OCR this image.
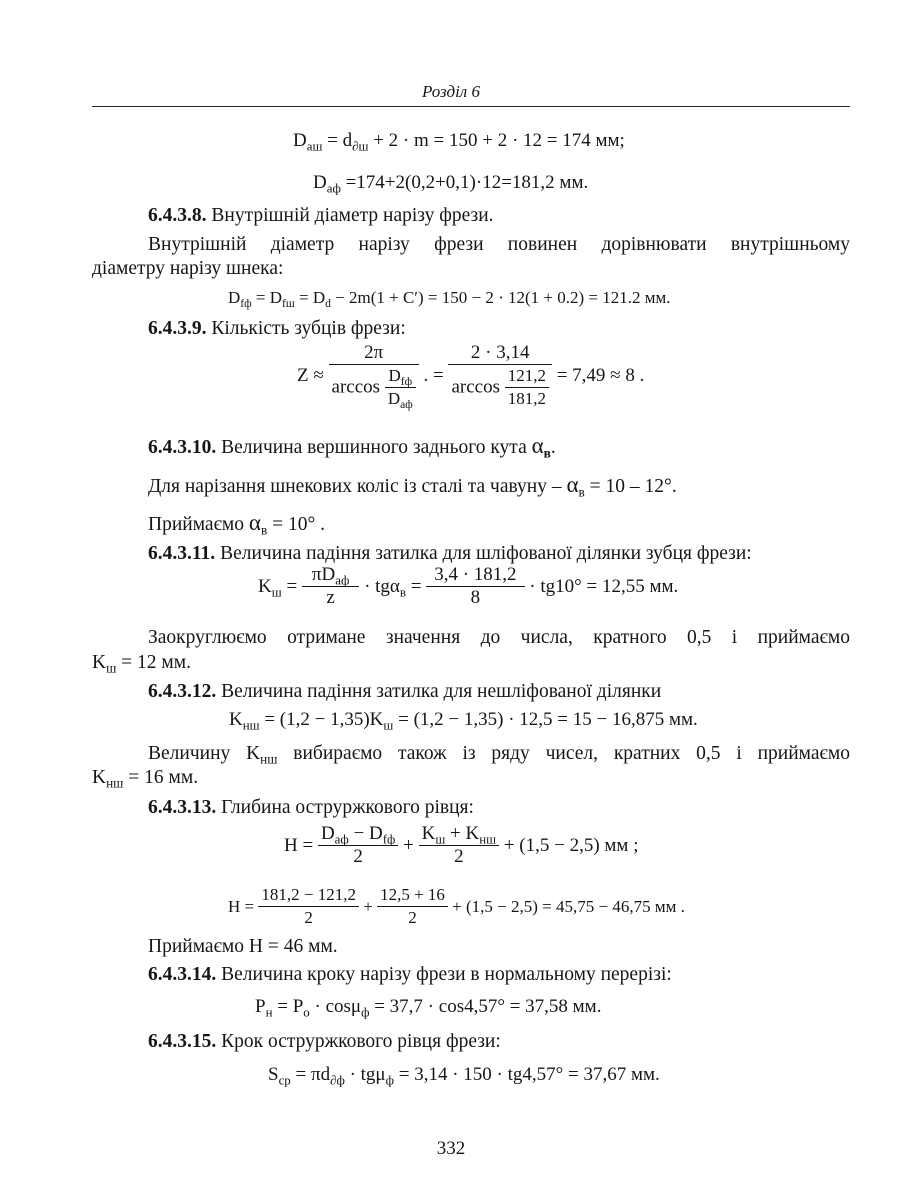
Розділ 6
$D_{аш} = d_{\partial ш} + 2 \cdot m = 150 + 2 \cdot 12 = 174$ мм;
$D_{аф} =174+2(0,2+0,1)\cdot 12=181,2$ мм.
6.4.3.8. Внутрішній діаметр нарізу фрези.
Внутрішній діаметр нарізу фрези повинен дорівнювати внутрішньому
діаметру нарізу шнека:
$D_{fф} = D_{fш} = D_d - 2m(1 + C') = 150 - 2 \cdot 12(1 + 0.2) = 121.2$ мм.
6.4.3.9. Кількість зубців фрези:
$Z \approx \frac{2\pi}{\arccos \frac{D_{fф}}{D_{аф}}}$ . = $\frac{2 \cdot 3,14}{\arccos \frac{121,2}{181,2}} = 7,49 \approx 8$ .
6.4.3.10. Величина вершинного заднього кута $\alpha_в$.
Для нарізання шнекових коліс із сталі та чавуну – $\alpha_в = 10 - 12^\circ$.
Приймаємо $\alpha_в = 10^\circ$ .
6.4.3.11. Величина падіння затилка для шліфованої ділянки зубця фрези:
$K_ш = \frac{\pi D_{аф}}{z} \cdot tg\alpha_в = \frac{3,4 \cdot 181,2}{8} \cdot tg10^\circ = 12,55$ мм.
Заокруглюємо отримане значення до числа, кратного 0,5 і приймаємо
$K_ш = 12$ мм.
6.4.3.12. Величина падіння затилка для нешліфованої ділянки
$K_{нш} = (1,2 - 1,35)K_ш = (1,2 - 1,35) \cdot 12,5 = 15 - 16,875$ мм.
Величину $K_{нш}$ вибираємо також із ряду чисел, кратних 0,5 і приймаємо
$K_{нш} = 16$ мм.
6.4.3.13. Глибина оструржкового рівця:
$H = \frac{D_{аф} - D_{fф}}{2} + \frac{K_ш + K_{нш}}{2} + (1,5 - 2,5)$ мм ;
$H = \frac{181,2 - 121,2}{2} + \frac{12,5 + 16}{2} + (1,5 - 2,5) = 45,75 - 46,75$ мм .
Приймаємо H = 46 мм.
6.4.3.14. Величина кроку нарізу фрези в нормальному перерізі:
$P_н = P_o \cdot \cos\mu_ф = 37,7 \cdot \cos 4,57^\circ = 37,58$ мм.
6.4.3.15. Крок оструржкового рівця фрези:
$S_{cp} = \pi d_{\partial ф} \cdot tg\mu_ф = 3,14 \cdot 150 \cdot tg4,57^\circ = 37,67$ мм.
332
